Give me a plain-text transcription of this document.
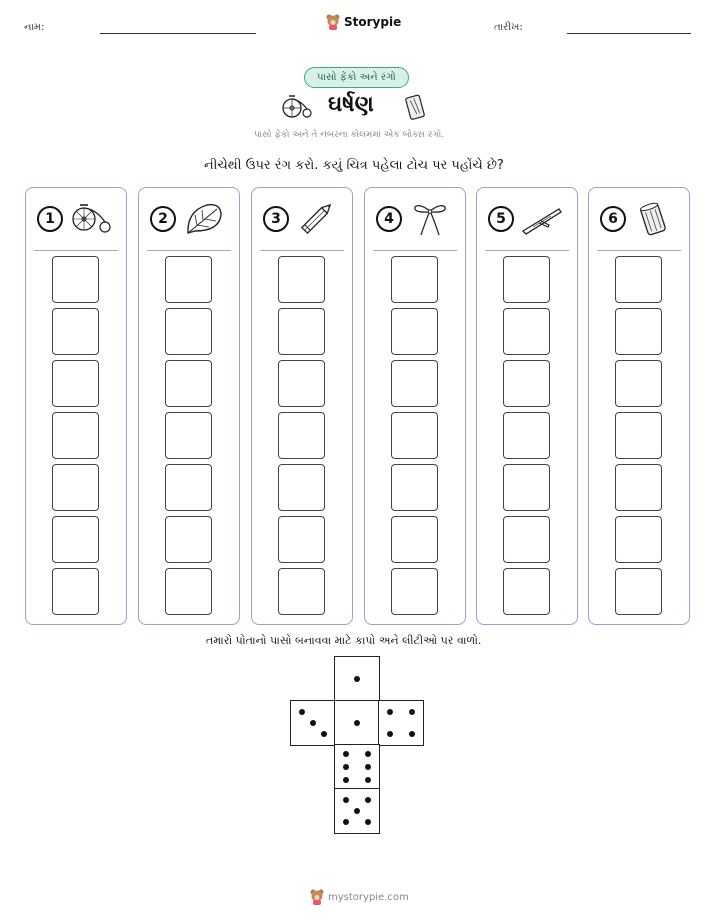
નામ:	Storypie	તારીખ:
પાસો ફેંકો અને રંગો
ઘર્ષણ
પાસો ફેંકો અને તે નંબરના કોલમમાં એક બોક્સ રંગો.
નીચેથી ઉપર રંગ કરો. કયું ચિત્ર પહેલા ટોચ પર પહોંચે છે?
1	2	3	4	5	6
તમારો પોતાનો પાસો બનાવવા માટે કાપો અને લીટીઓ પર વાળો.
mystorypie.com
